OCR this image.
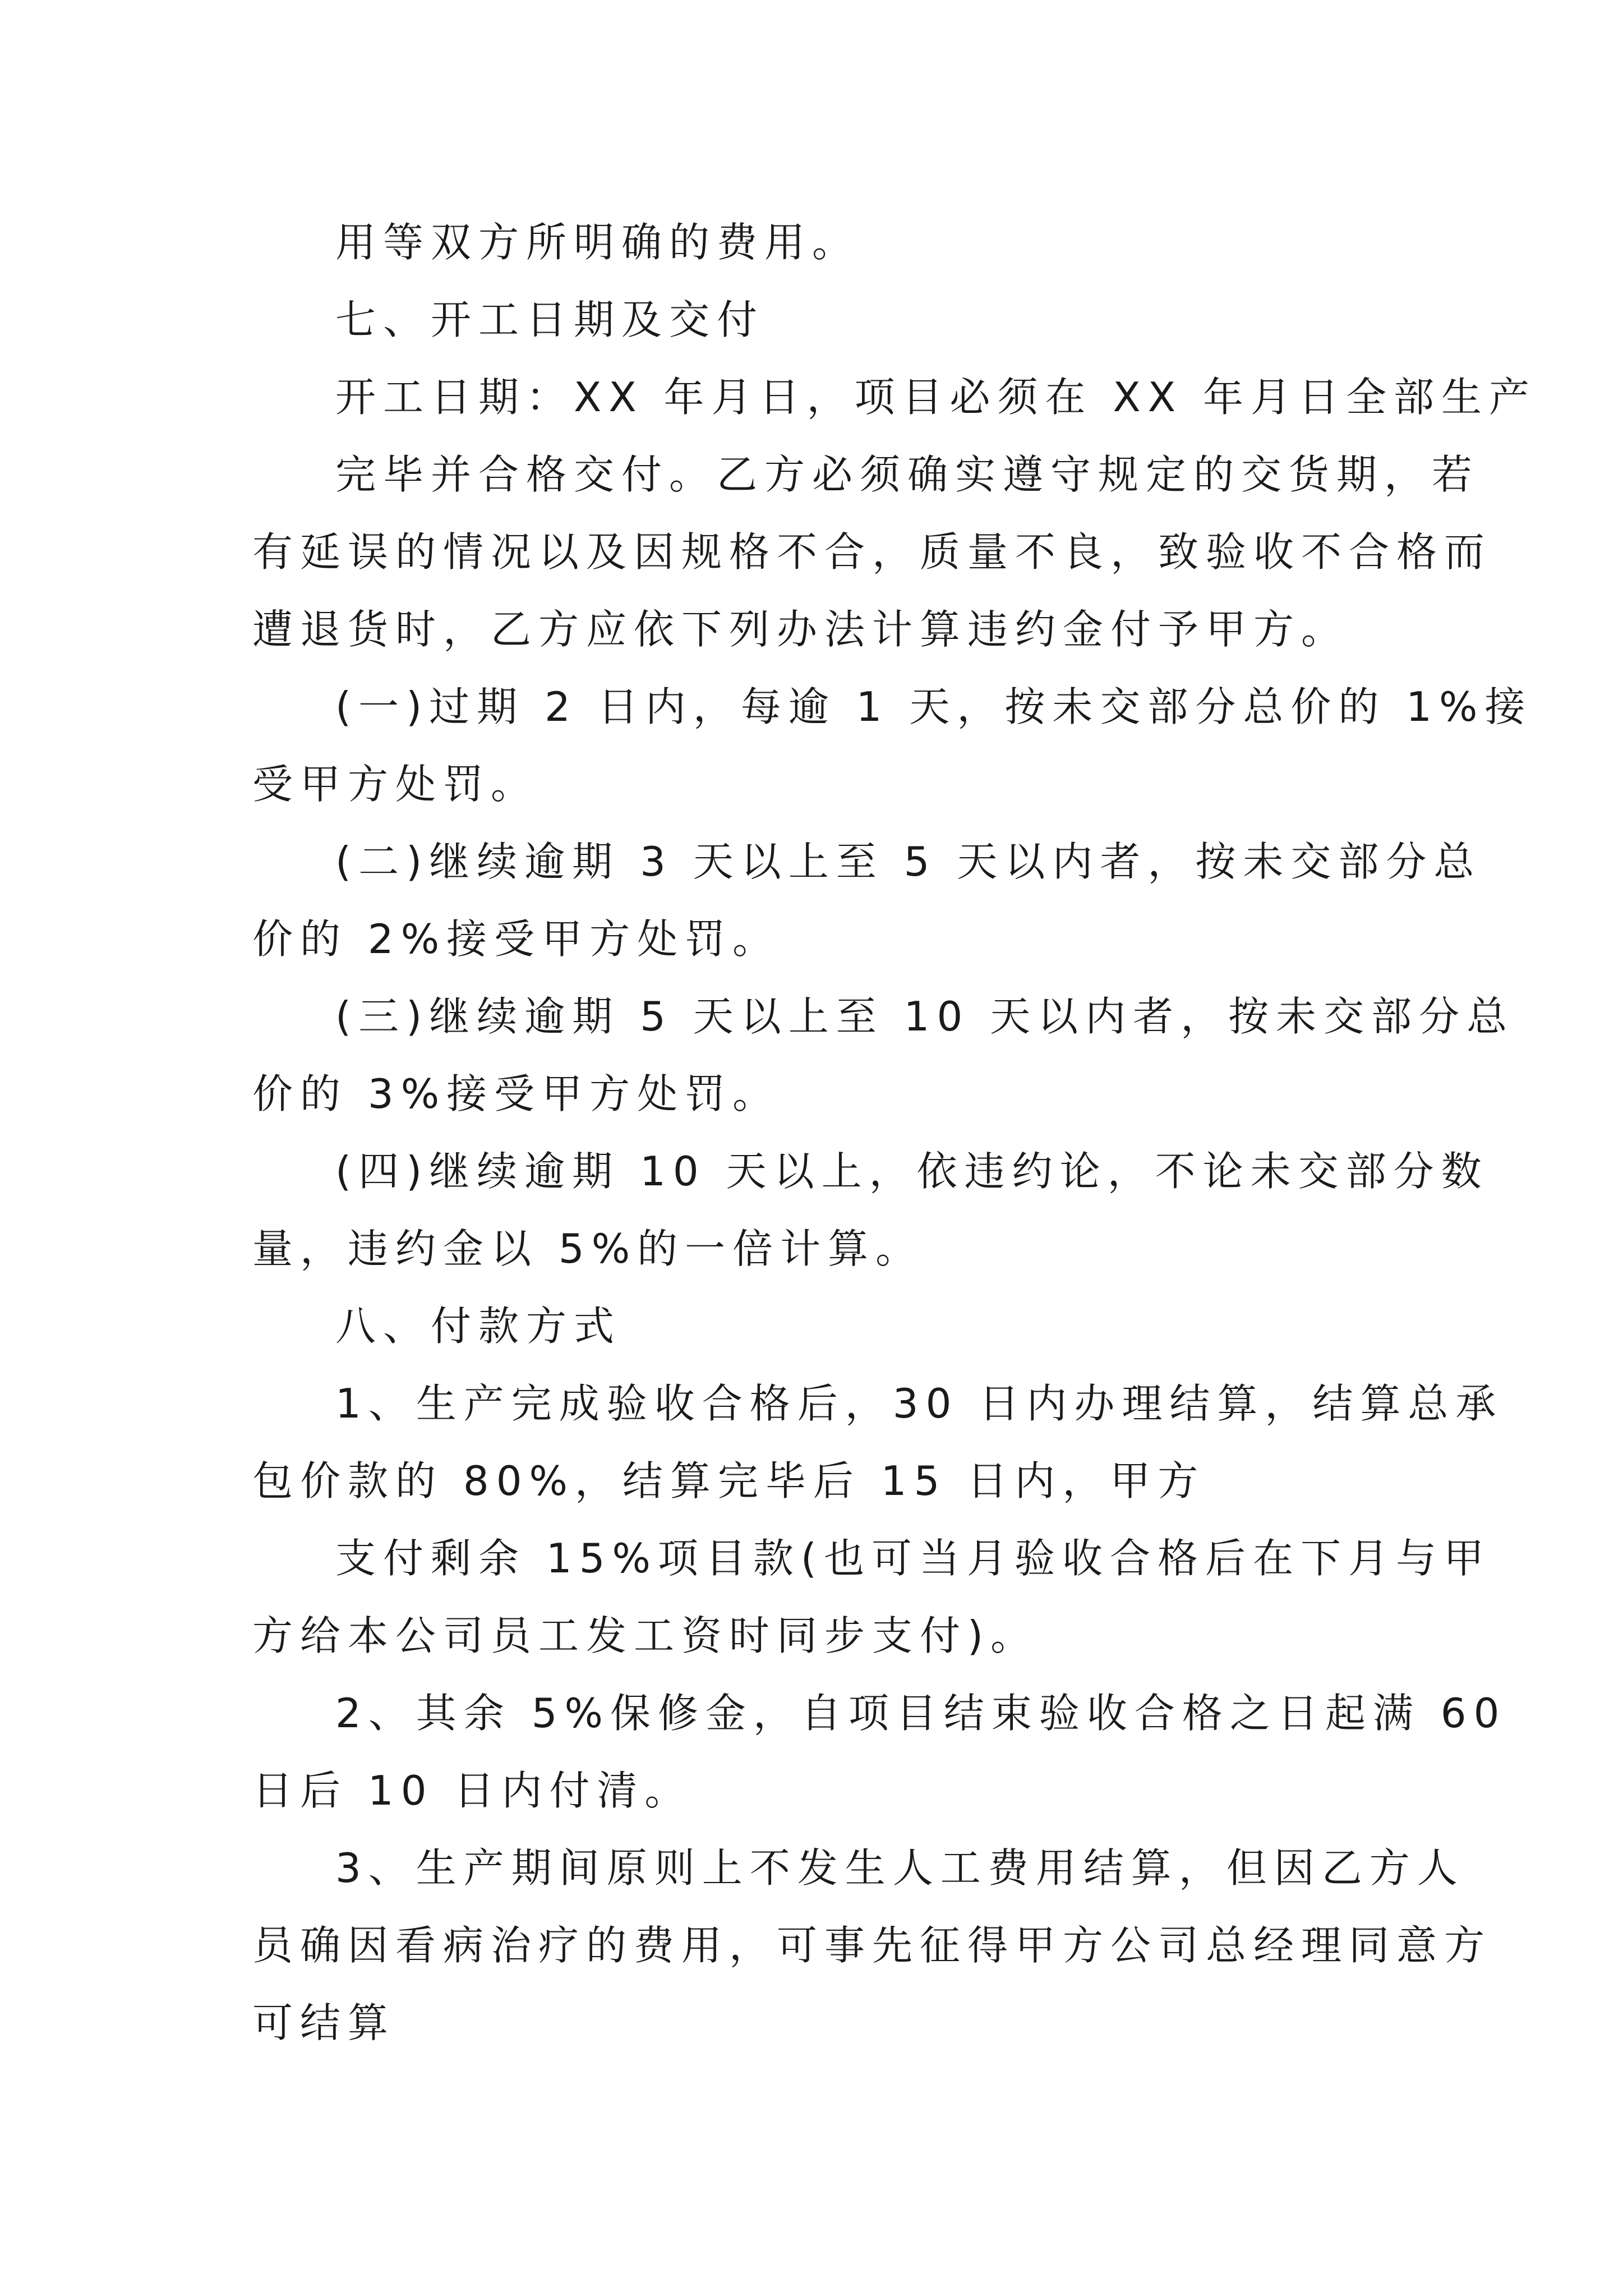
用等双方所明确的费用。
七、开工日期及交付
开工日期：XX 年月日，项目必须在 XX 年月日全部生产
完毕并合格交付。乙方必须确实遵守规定的交货期，若
有延误的情况以及因规格不合，质量不良，致验收不合格而
遭退货时，乙方应依下列办法计算违约金付予甲方。
(一)过期 2 日内，每逾 1 天，按未交部分总价的 1%接
受甲方处罚。
(二)继续逾期 3 天以上至 5 天以内者，按未交部分总
价的 2%接受甲方处罚。
(三)继续逾期 5 天以上至 10 天以内者，按未交部分总
价的 3%接受甲方处罚。
(四)继续逾期 10 天以上，依违约论，不论未交部分数
量，违约金以 5%的一倍计算。
八、付款方式
1、生产完成验收合格后，30 日内办理结算，结算总承
包价款的 80%，结算完毕后 15 日内，甲方
支付剩余 15%项目款(也可当月验收合格后在下月与甲
方给本公司员工发工资时同步支付)。
2、其余 5%保修金，自项目结束验收合格之日起满 60
日后 10 日内付清。
3、生产期间原则上不发生人工费用结算，但因乙方人
员确因看病治疗的费用，可事先征得甲方公司总经理同意方
可结算
